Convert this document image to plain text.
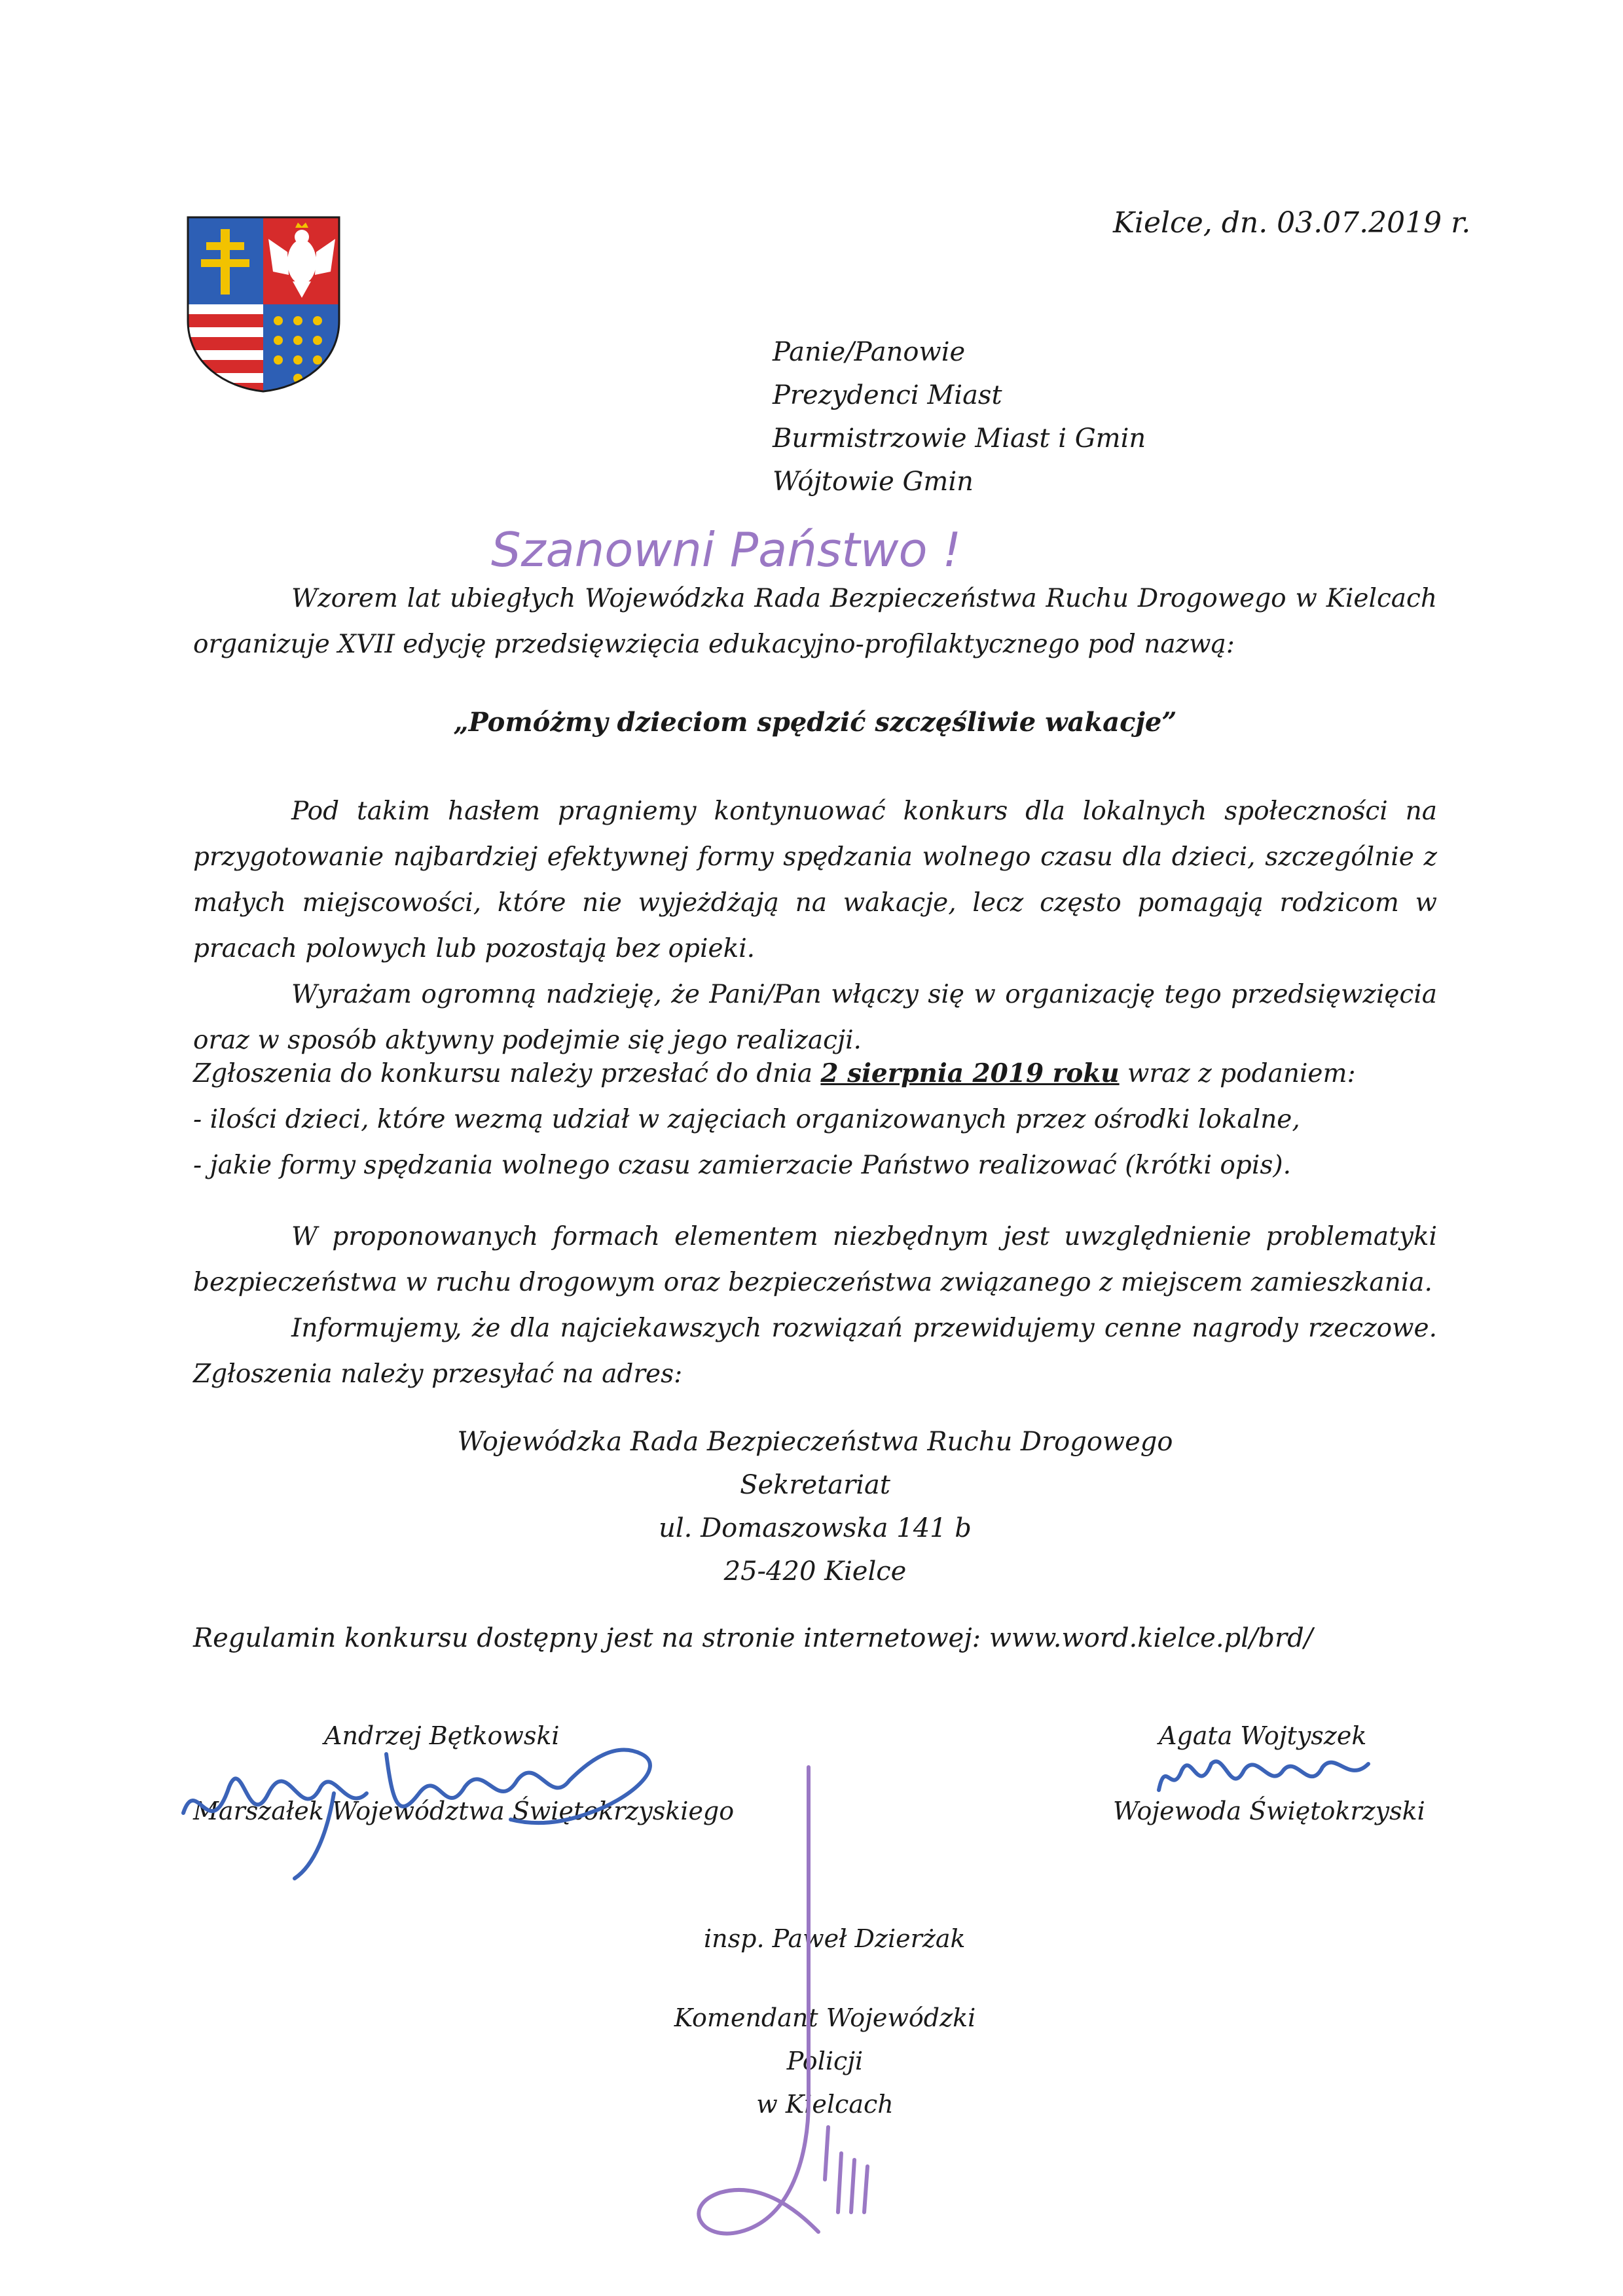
Kielce, dn. 03.07.2019 r.
Panie/Panowie
Prezydenci Miast
Burmistrzowie Miast i Gmin
Wójtowie Gmin
Szanowni Państwo !
Wzorem lat ubiegłych Wojewódzka Rada Bezpieczeństwa Ruchu Drogowego w Kielcach organizuje XVII edycję przedsięwzięcia edukacyjno-profilaktycznego pod nazwą:
„Pomóżmy dzieciom spędzić szczęśliwie wakacje”
Pod takim hasłem pragniemy kontynuować konkurs dla lokalnych społeczności na przygotowanie najbardziej efektywnej formy spędzania wolnego czasu dla dzieci, szczególnie z małych miejscowości, które nie wyjeżdżają na wakacje, lecz często pomagają rodzicom w pracach polowych lub pozostają bez opieki.
Wyrażam ogromną nadzieję, że Pani/Pan włączy się w organizację tego przedsięwzięcia oraz w sposób aktywny podejmie się jego realizacji.
Zgłoszenia do konkursu należy przesłać do dnia 2 sierpnia 2019 roku wraz z podaniem:
- ilości dzieci, które wezmą udział w zajęciach organizowanych przez ośrodki lokalne,
- jakie formy spędzania wolnego czasu zamierzacie Państwo realizować (krótki opis).
W proponowanych formach elementem niezbędnym jest uwzględnienie problematyki bezpieczeństwa w ruchu drogowym oraz bezpieczeństwa związanego z miejscem zamieszkania.
Informujemy, że dla najciekawszych rozwiązań przewidujemy cenne nagrody rzeczowe. Zgłoszenia należy przesyłać na adres:
Wojewódzka Rada Bezpieczeństwa Ruchu Drogowego
Sekretariat
ul. Domaszowska 141 b
25-420 Kielce
Regulamin konkursu dostępny jest na stronie internetowej: www.word.kielce.pl/brd/
Andrzej Bętkowski
Marszałek Województwa Świętokrzyskiego
Agata Wojtyszek
Wojewoda Świętokrzyski
insp. Paweł Dzierżak
Komendant Wojewódzki Policji
w Kielcach
